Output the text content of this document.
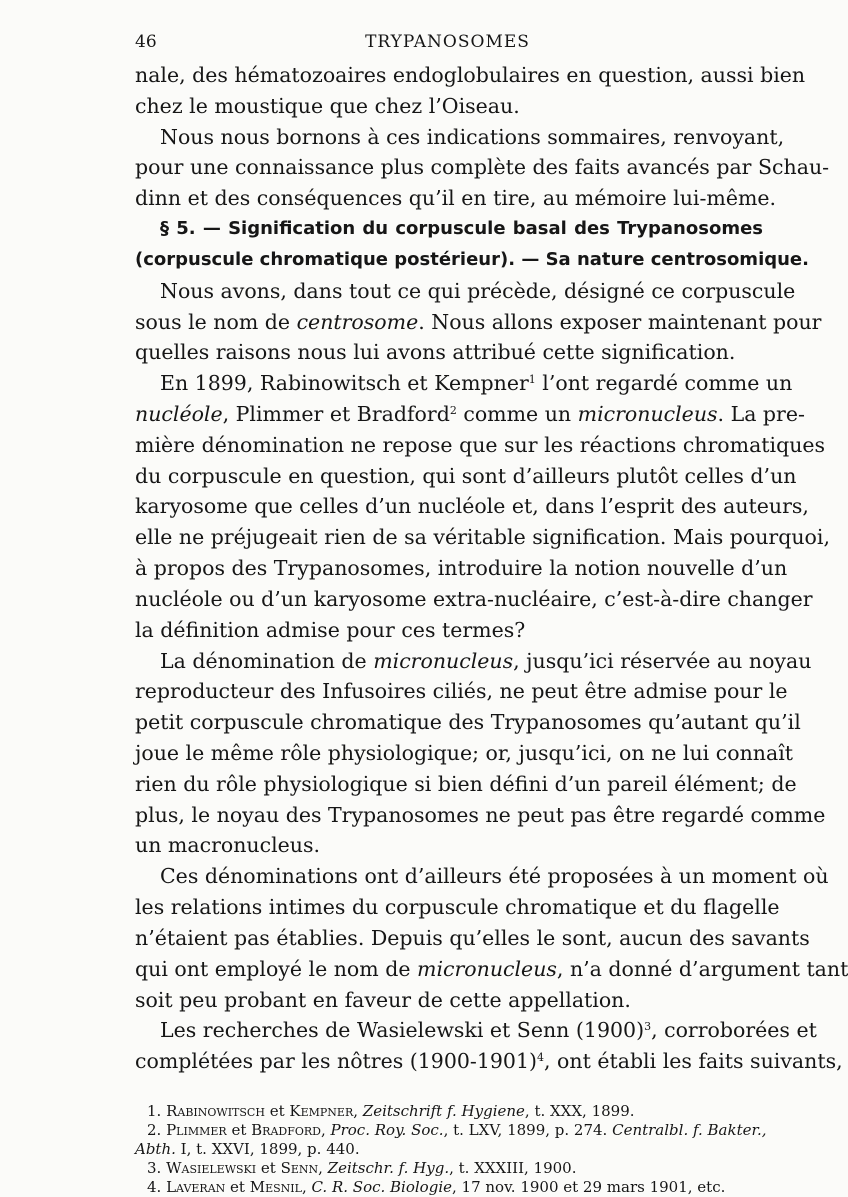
46	TRYPANOSOMES
nale, des hématozoaires endoglobulaires en question, aussi bien
chez le moustique que chez l’Oiseau.
Nous nous bornons à ces indications sommaires, renvoyant,
pour une connaissance plus complète des faits avancés par Schau-
dinn et des conséquences qu’il en tire, au mémoire lui-même.
§ 5. — Signification du corpuscule basal des Trypanosomes
(corpuscule chromatique postérieur). — Sa nature centrosomique.
Nous avons, dans tout ce qui précède, désigné ce corpuscule
sous le nom de centrosome. Nous allons exposer maintenant pour
quelles raisons nous lui avons attribué cette signification.
En 1899, Rabinowitsch et Kempner$^1$ l’ont regardé comme un
nucléole, Plimmer et Bradford$^2$ comme un micronucleus. La pre-
mière dénomination ne repose que sur les réactions chromatiques
du corpuscule en question, qui sont d’ailleurs plutôt celles d’un
karyosome que celles d’un nucléole et, dans l’esprit des auteurs,
elle ne préjugeait rien de sa véritable signification. Mais pourquoi,
à propos des Trypanosomes, introduire la notion nouvelle d’un
nucléole ou d’un karyosome extra-nucléaire, c’est-à-dire changer
la définition admise pour ces termes?
La dénomination de micronucleus, jusqu’ici réservée au noyau
reproducteur des Infusoires ciliés, ne peut être admise pour le
petit corpuscule chromatique des Trypanosomes qu’autant qu’il
joue le même rôle physiologique; or, jusqu’ici, on ne lui connaît
rien du rôle physiologique si bien défini d’un pareil élément; de
plus, le noyau des Trypanosomes ne peut pas être regardé comme
un macronucleus.
Ces dénominations ont d’ailleurs été proposées à un moment où
les relations intimes du corpuscule chromatique et du flagelle
n’étaient pas établies. Depuis qu’elles le sont, aucun des savants
qui ont employé le nom de micronucleus, n’a donné d’argument tant
soit peu probant en faveur de cette appellation.
Les recherches de Wasielewski et Senn $(1900)^3$, corroborées et
complétées par les nôtres (1900-1901)$^4$, ont établi les faits suivants,
1. Rabinowitsch et Kempner, Zeitschrift f. Hygiene, t. XXX, 1899.
2. Plimmer et Bradford, Proc. Roy. Soc., t. LXV, 1899, p. 274. Centralbl. f. Bakter.,
Abth. I, t. XXVI, 1899, p. 440.
3. Wasielewski et Senn, Zeitschr. f. Hyg., t. XXXIII, 1900.
4. Laveran et Mesnil, C. R. Soc. Biologie, 17 nov. 1900 et 29 mars 1901, etc.
